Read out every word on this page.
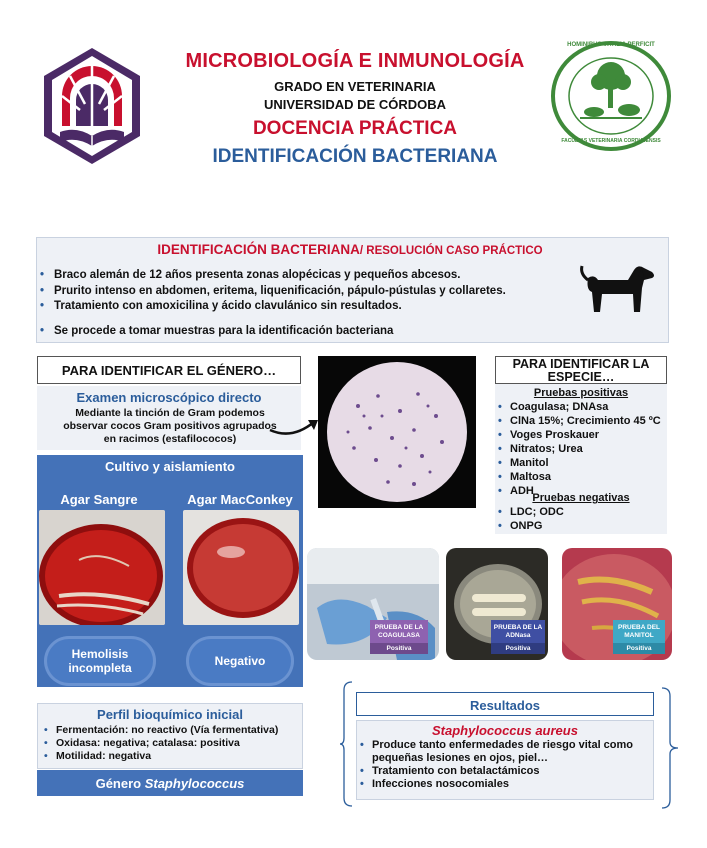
MICROBIOLOGÍA E INMUNOLOGÍA
GRADO EN VETERINARIA
UNIVERSIDAD DE CÓRDOBA
DOCENCIA PRÁCTICA
IDENTIFICACIÓN BACTERIANA
HOMINIBUS VITALIA PERFICIT
FACULTAS VETERINARIA CORDUBENSIS
IDENTIFICACIÓN BACTERIANA/ RESOLUCIÓN CASO PRÁCTICO
• Braco alemán de 12 años presenta zonas alopécicas y pequeños abcesos.
• Prurito intenso en abdomen, eritema, liquenificación, pápulo-pústulas y collaretes.
• Tratamiento con amoxicilina y ácido clavulánico sin resultados.
• Se procede a tomar muestras para la identificación bacteriana
PARA IDENTIFICAR EL GÉNERO…
Examen microscópico directo
Mediante la tinción de Gram podemos observar cocos Gram positivos agrupados en racimos (estafilococos)
Cultivo y aislamiento
Agar Sangre	Agar MacConkey
Hemolisis incompleta	Negativo
Perfil bioquímico inicial
• Fermentación: no reactivo (Vía fermentativa)
• Oxidasa: negativa; catalasa: positiva
• Motilidad: negativa
Género Staphylococcus
PARA IDENTIFICAR LA ESPECIE…
Pruebas positivas
• Coagulasa; DNAsa
• ClNa 15%; Crecimiento 45 ºC
• Voges Proskauer
• Nitratos; Urea
• Manitol
• Maltosa
• ADH
Pruebas negativas
• LDC; ODC
• ONPG
PRUEBA DE LA COAGULASA
Positiva
PRUEBA DE LA ADNasa
Positiva
PRUEBA DEL MANITOL
Positiva
Resultados
Staphylococcus aureus
• Produce tanto enfermedades de riesgo vital como pequeñas lesiones en ojos, piel…
• Tratamiento con betalactámicos
• Infecciones nosocomiales
